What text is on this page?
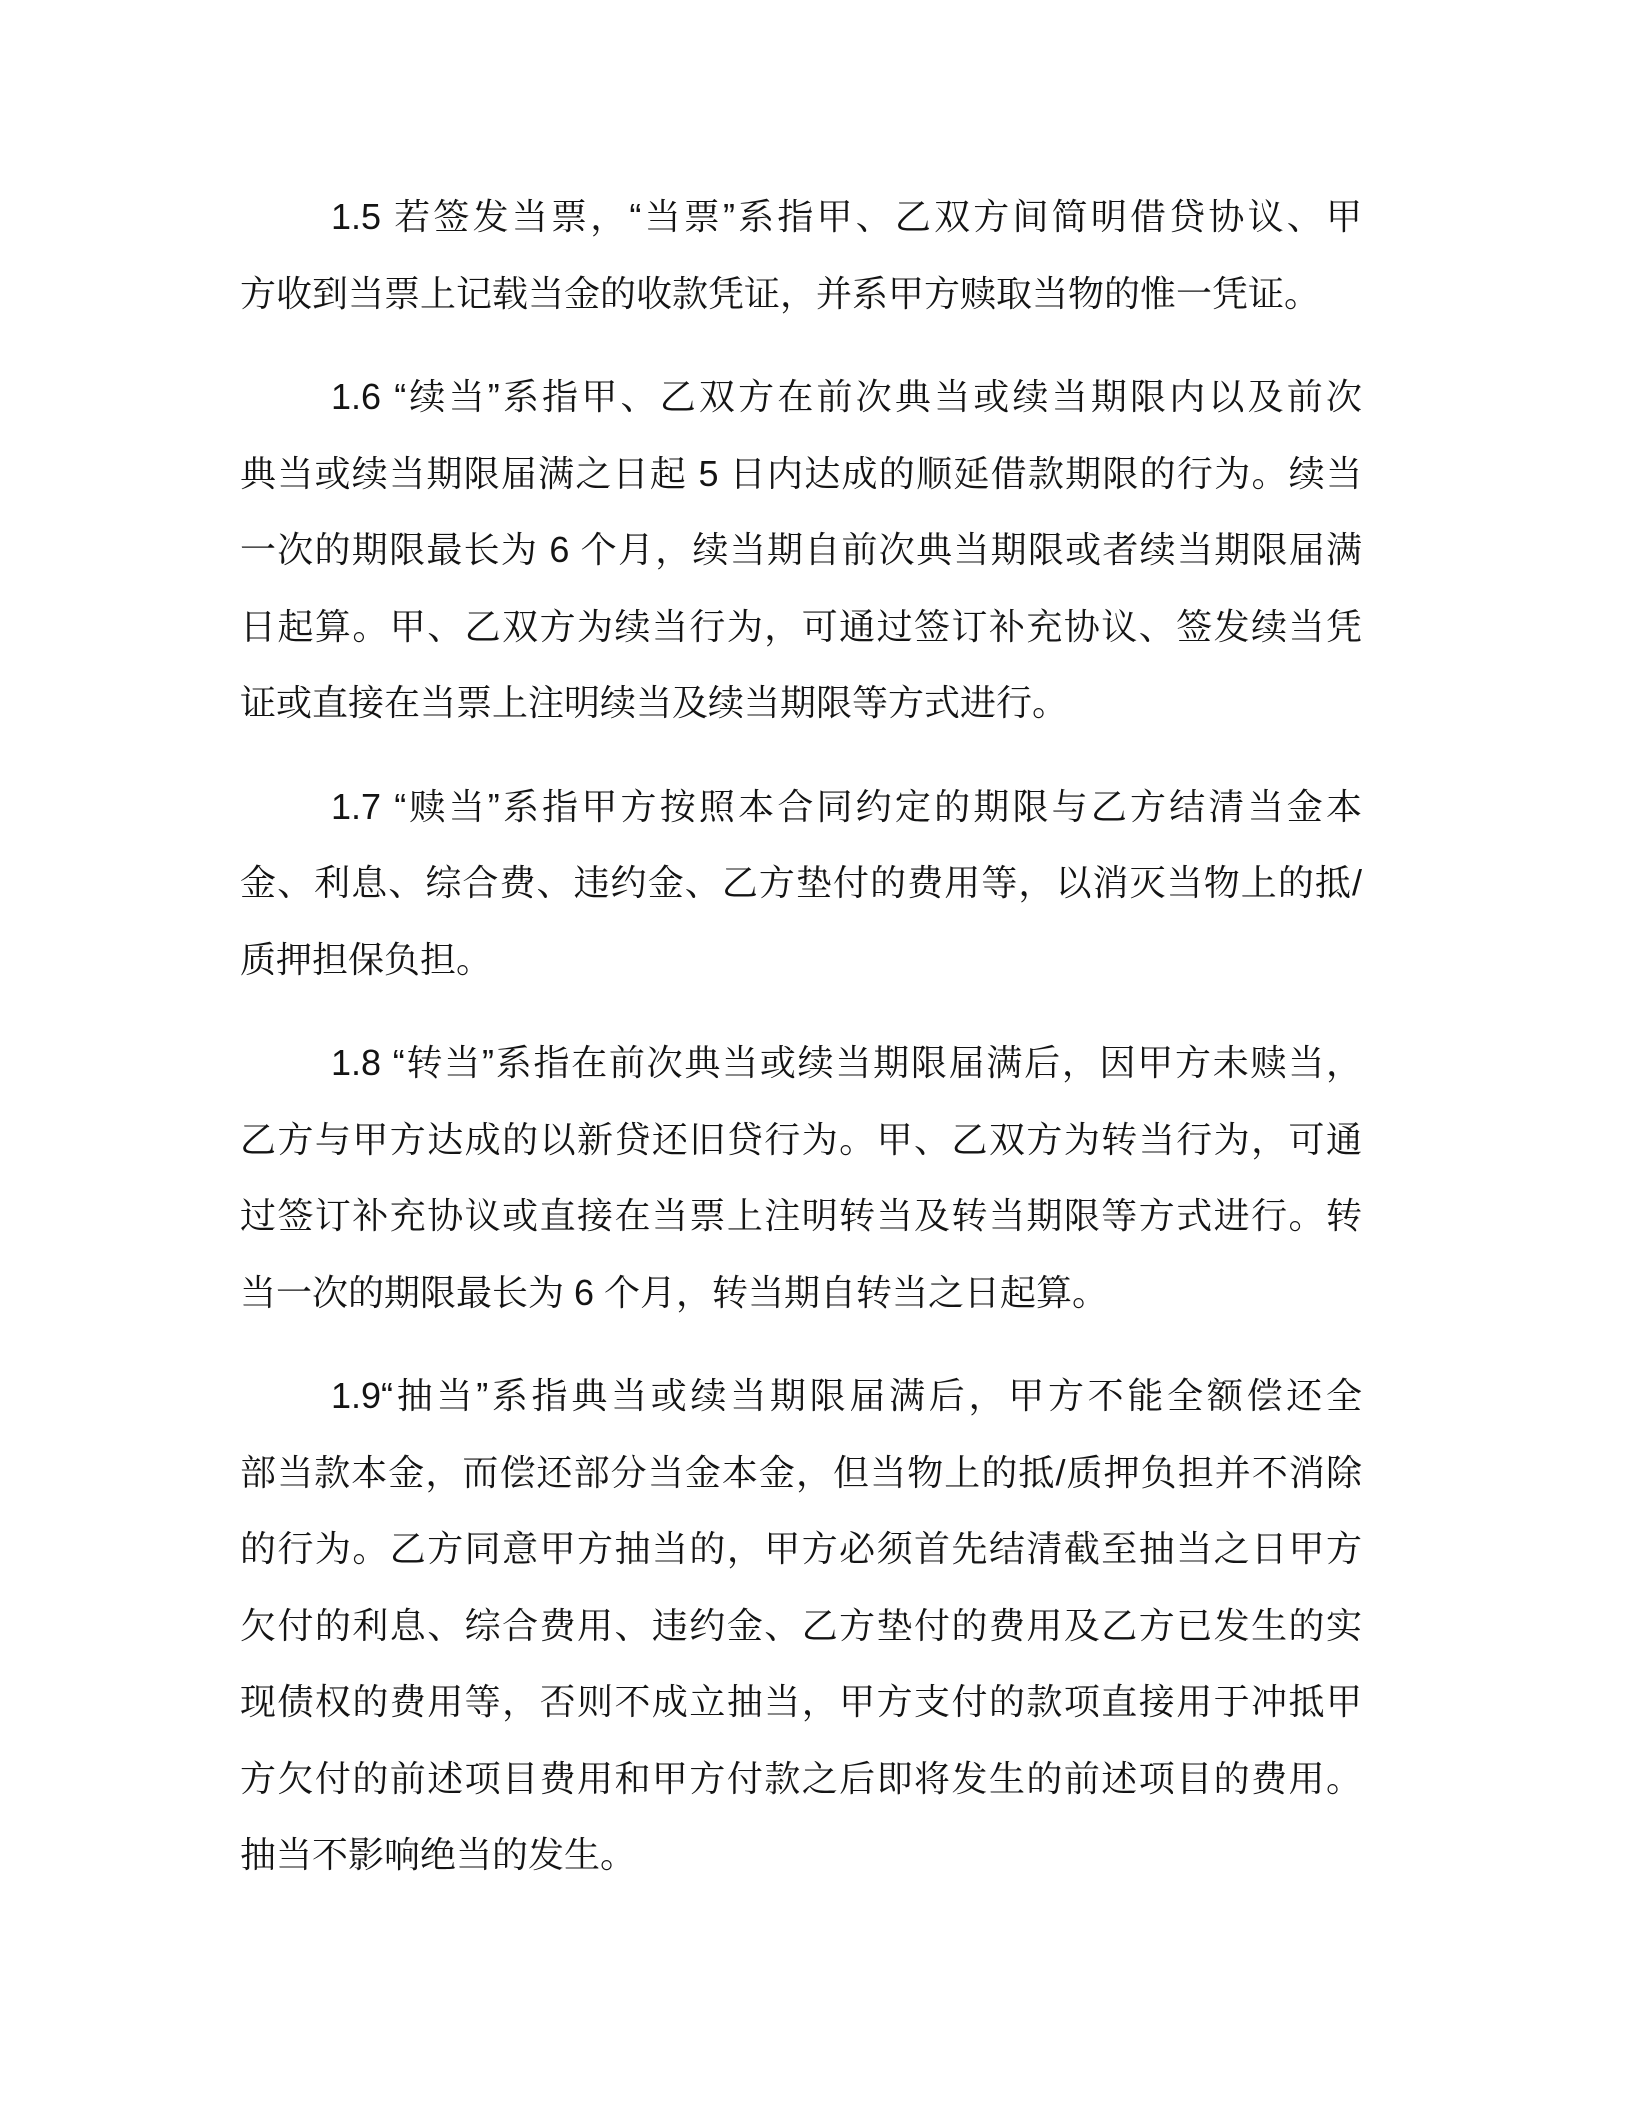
1.5 若签发当票，“当票”系指甲、乙双方间简明借贷协议、甲
方收到当票上记载当金的收款凭证，并系甲方赎取当物的惟一凭证。
1.6 “续当”系指甲、乙双方在前次典当或续当期限内以及前次
典当或续当期限届满之日起 5 日内达成的顺延借款期限的行为。续当
一次的期限最长为 6 个月，续当期自前次典当期限或者续当期限届满
日起算。甲、乙双方为续当行为，可通过签订补充协议、签发续当凭
证或直接在当票上注明续当及续当期限等方式进行。
1.7 “赎当”系指甲方按照本合同约定的期限与乙方结清当金本
金、利息、综合费、违约金、乙方垫付的费用等，以消灭当物上的抵/
质押担保负担。
1.8 “转当”系指在前次典当或续当期限届满后，因甲方未赎当，
乙方与甲方达成的以新贷还旧贷行为。甲、乙双方为转当行为，可通
过签订补充协议或直接在当票上注明转当及转当期限等方式进行。转
当一次的期限最长为 6 个月，转当期自转当之日起算。
1.9“抽当”系指典当或续当期限届满后，甲方不能全额偿还全
部当款本金，而偿还部分当金本金，但当物上的抵/质押负担并不消除
的行为。乙方同意甲方抽当的，甲方必须首先结清截至抽当之日甲方
欠付的利息、综合费用、违约金、乙方垫付的费用及乙方已发生的实
现债权的费用等，否则不成立抽当，甲方支付的款项直接用于冲抵甲
方欠付的前述项目费用和甲方付款之后即将发生的前述项目的费用。
抽当不影响绝当的发生。
